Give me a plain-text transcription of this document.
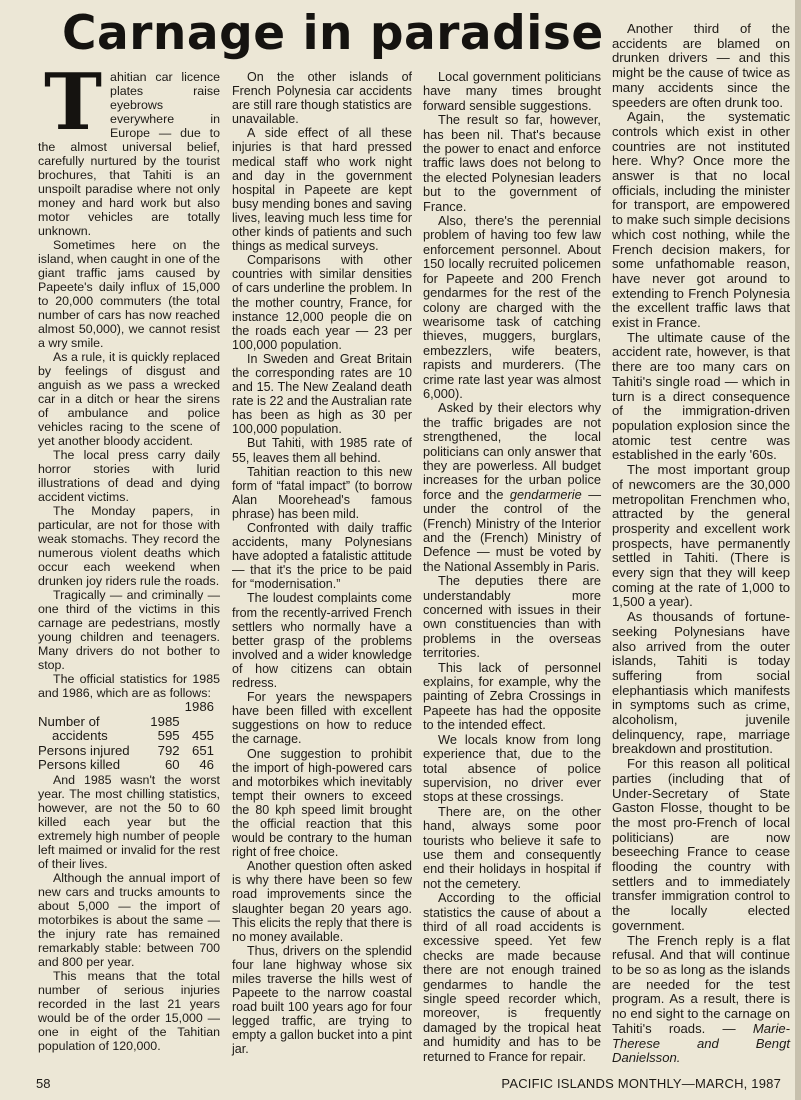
Carnage in paradise

Tahitian car licence plates raise eyebrows everywhere in Europe — due to the almost universal belief, carefully nurtured by the tourist brochures, that Tahiti is an unspoilt paradise where not only money and hard work but also motor vehicles are totally unknown.

Sometimes here on the island, when caught in one of the giant traffic jams caused by Papeete's daily influx of 15,000 to 20,000 commuters (the total number of cars has now reached almost 50,000), we cannot resist a wry smile.

As a rule, it is quickly replaced by feelings of disgust and anguish as we pass a wrecked car in a ditch or hear the sirens of ambulance and police vehicles racing to the scene of yet another bloody accident.

The local press carry daily horror stories with lurid illustrations of dead and dying accident victims.

The Monday papers, in particular, are not for those with weak stomachs. They record the numerous violent deaths which occur each weekend when drunken joy riders rule the roads.

Tragically — and criminally — one third of the victims in this carnage are pedestrians, mostly young children and teenagers. Many drivers do not bother to stop.

The official statistics for 1985 and 1986, which are as follows:

		1986
Number of	1985	
accidents	595	455
Persons injured	792	651
Persons killed	60	46

And 1985 wasn't the worst year. The most chilling statistics, however, are not the 50 to 60 killed each year but the extremely high number of people left maimed or invalid for the rest of their lives.

Although the annual import of new cars and trucks amounts to about 5,000 — the import of motorbikes is about the same — the injury rate has remained remarkably stable: between 700 and 800 per year.

This means that the total number of serious injuries recorded in the last 21 years would be of the order 15,000 — one in eight of the Tahitian population of 120,000.

On the other islands of French Polynesia car accidents are still rare though statistics are unavailable.

A side effect of all these injuries is that hard pressed medical staff who work night and day in the government hospital in Papeete are kept busy mending bones and saving lives, leaving much less time for other kinds of patients and such things as medical surveys.

Comparisons with other countries with similar densities of cars underline the problem. In the mother country, France, for instance 12,000 people die on the roads each year — 23 per 100,000 population.

In Sweden and Great Britain the corresponding rates are 10 and 15. The New Zealand death rate is 22 and the Australian rate has been as high as 30 per 100,000 population.

But Tahiti, with 1985 rate of 55, leaves them all behind.

Tahitian reaction to this new form of “fatal impact” (to borrow Alan Moorehead's famous phrase) has been mild.

Confronted with daily traffic accidents, many Polynesians have adopted a fatalistic attitude — that it's the price to be paid for “modernisation.”

The loudest complaints come from the recently-arrived French settlers who normally have a better grasp of the problems involved and a wider knowledge of how citizens can obtain redress.

For years the newspapers have been filled with excellent suggestions on how to reduce the carnage.

One suggestion to prohibit the import of high-powered cars and motorbikes which inevitably tempt their owners to exceed the 80 kph speed limit brought the official reaction that this would be contrary to the human right of free choice.

Another question often asked is why there have been so few road improvements since the slaughter began 20 years ago. This elicits the reply that there is no money available.

Thus, drivers on the splendid four lane highway whose six miles traverse the hills west of Papeete to the narrow coastal road built 100 years ago for four legged traffic, are trying to empty a gallon bucket into a pint jar.

Local government politicians have many times brought forward sensible suggestions.

The result so far, however, has been nil. That's because the power to enact and enforce traffic laws does not belong to the elected Polynesian leaders but to the government of France.

Also, there's the perennial problem of having too few law enforcement personnel. About 150 locally recruited policemen for Papeete and 200 French gendarmes for the rest of the colony are charged with the wearisome task of catching thieves, muggers, burglars, embezzlers, wife beaters, rapists and murderers. (The crime rate last year was almost 6,000).

Asked by their electors why the traffic brigades are not strengthened, the local politicians can only answer that they are powerless. All budget increases for the urban police force and the gendarmerie — under the control of the (French) Ministry of the Interior and the (French) Ministry of Defence — must be voted by the National Assembly in Paris.

The deputies there are understandably more concerned with issues in their own constituencies than with problems in the overseas territories.

This lack of personnel explains, for example, why the painting of Zebra Crossings in Papeete has had the opposite to the intended effect.

We locals know from long experience that, due to the total absence of police supervision, no driver ever stops at these crossings.

There are, on the other hand, always some poor tourists who believe it safe to use them and consequently end their holidays in hospital if not the cemetery.

According to the official statistics the cause of about a third of all road accidents is excessive speed. Yet few checks are made because there are not enough trained gendarmes to handle the single speed recorder which, moreover, is frequently damaged by the tropical heat and humidity and has to be returned to France for repair.

Another third of the accidents are blamed on drunken drivers — and this might be the cause of twice as many accidents since the speeders are often drunk too.

Again, the systematic controls which exist in other countries are not instituted here. Why? Once more the answer is that no local officials, including the minister for transport, are empowered to make such simple decisions which cost nothing, while the French decision makers, for some unfathomable reason, have never got around to extending to French Polynesia the excellent traffic laws that exist in France.

The ultimate cause of the accident rate, however, is that there are too many cars on Tahiti's single road — which in turn is a direct consequence of the immigration-driven population explosion since the atomic test centre was established in the early '60s.

The most important group of newcomers are the 30,000 metropolitan Frenchmen who, attracted by the general prosperity and excellent work prospects, have permanently settled in Tahiti. (There is every sign that they will keep coming at the rate of 1,000 to 1,500 a year).

As thousands of fortune-seeking Polynesians have also arrived from the outer islands, Tahiti is today suffering from social elephantiasis which manifests in symptoms such as crime, alcoholism, juvenile delinquency, rape, marriage breakdown and prostitution.

For this reason all political parties (including that of Under-Secretary of State Gaston Flosse, thought to be the most pro-French of local politicians) are now beseeching France to cease flooding the country with settlers and to immediately transfer immigration control to the locally elected government.

The French reply is a flat refusal. And that will continue to be so as long as the islands are needed for the test program. As a result, there is no end sight to the carnage on Tahiti's roads. — Marie-Therese and Bengt Danielsson.

58	PACIFIC ISLANDS MONTHLY—MARCH, 1987
